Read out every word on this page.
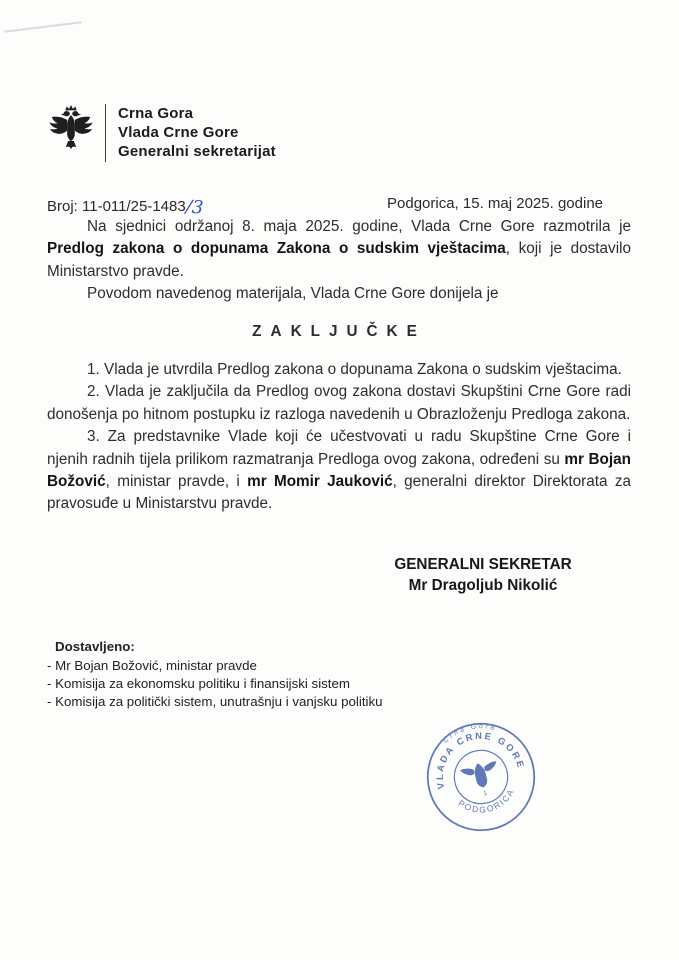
Crna Gora
Vlada Crne Gore
Generalni sekretarijat
Broj: 11-011/25-1483/3	Podgorica, 15. maj 2025. godine

Na sjednici održanoj 8. maja 2025. godine, Vlada Crne Gore razmotrila je Predlog zakona o dopunama Zakona o sudskim vještacima, koji je dostavilo Ministarstvo pravde.

Povodom navedenog materijala, Vlada Crne Gore donijela je

ZAKLJUČKE

1. Vlada je utvrdila Predlog zakona o dopunama Zakona o sudskim vještacima.

2. Vlada je zaključila da Predlog ovog zakona dostavi Skupštini Crne Gore radi donošenja po hitnom postupku iz razloga navedenih u Obrazloženju Predloga zakona.

3. Za predstavnike Vlade koji će učestvovati u radu Skupštine Crne Gore i njenih radnih tijela prilikom razmatranja Predloga ovog zakona, određeni su mr Bojan Božović, ministar pravde, i mr Momir Jauković, generalni direktor Direktorata za pravosuđe u Ministarstvu pravde.

GENERALNI SEKRETAR
Mr Dragoljub Nikolić
Dostavljeno:
- Mr Bojan Božović, ministar pravde
- Komisija za ekonomsku politiku i finansijski sistem
- Komisija za politički sistem, unutrašnju i vanjsku politiku
Crna Gora
VLADA CRNE GORE
PODGORICA
1
